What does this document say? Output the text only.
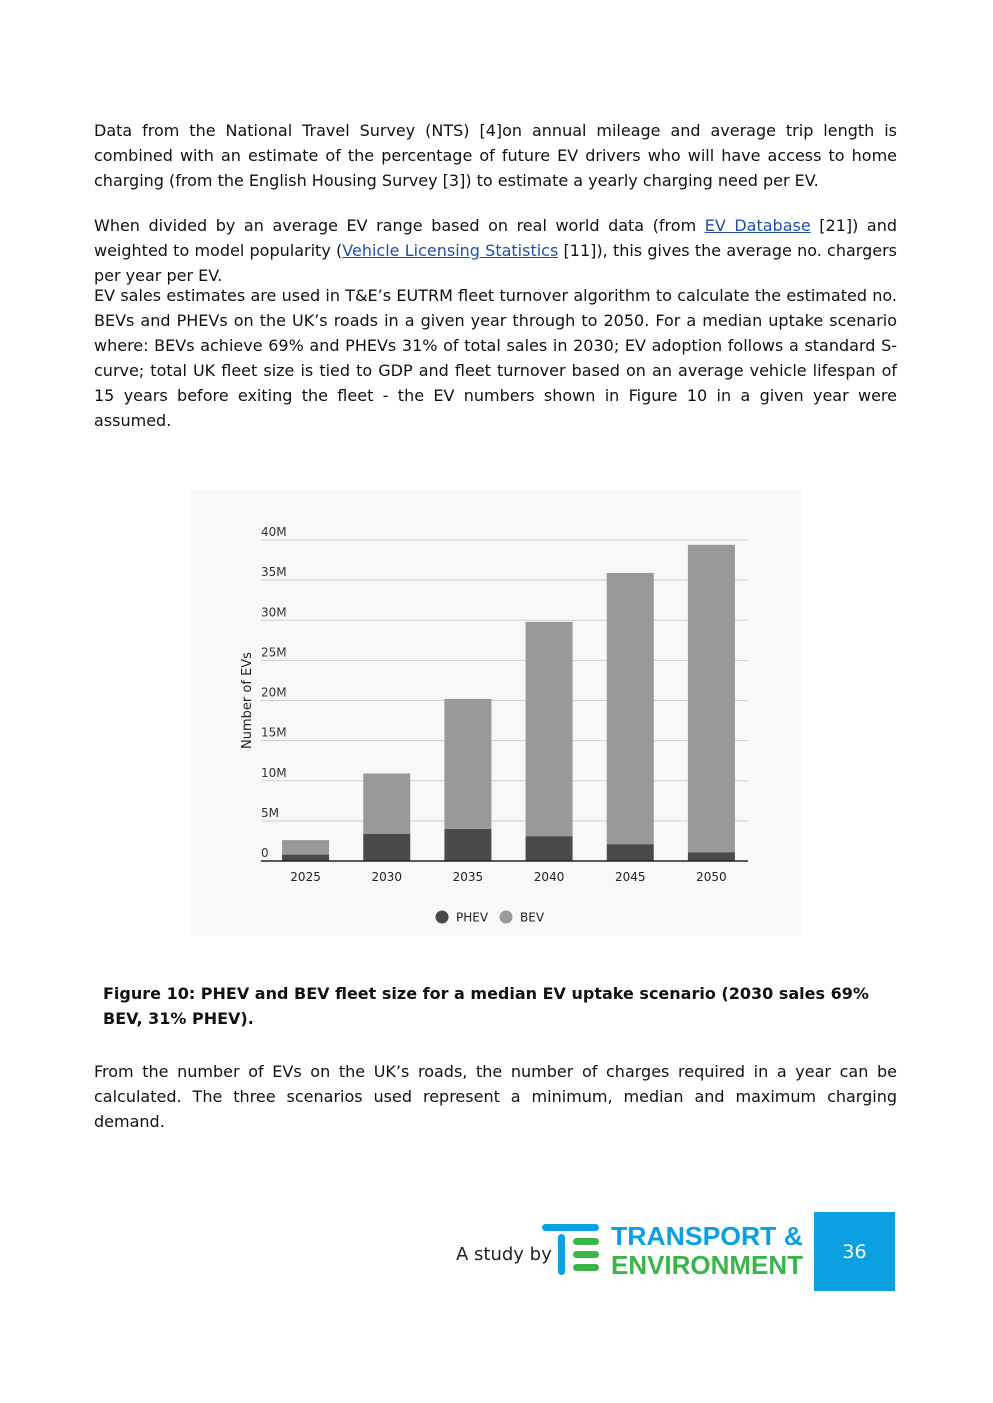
Data from the National Travel Survey (NTS) [4]on annual mileage and average trip length is combined with an estimate of the percentage of future EV drivers who will have access to home charging (from the English Housing Survey [3]) to estimate a yearly charging need per EV.

When divided by an average EV range based on real world data (from EV Database [21]) and weighted to model popularity (Vehicle Licensing Statistics [11]), this gives the average no. chargers per year per EV.

EV sales estimates are used in T&E’s EUTRM fleet turnover algorithm to calculate the estimated no. BEVs and PHEVs on the UK’s roads in a given year through to 2050. For a median uptake scenario where: BEVs achieve 69% and PHEVs 31% of total sales in 2030; EV adoption follows a standard S-curve; total UK fleet size is tied to GDP and fleet turnover based on an average vehicle lifespan of 15 years before exiting the fleet - the EV numbers shown in Figure 10 in a given year were assumed.

0
5M
10M
15M
20M
25M
30M
35M
40M
2025	2030	2035	2040	2045	2050
Number of EVs
PHEV	BEV

Figure 10: PHEV and BEV fleet size for a median EV uptake scenario (2030 sales 69% BEV, 31% PHEV).

From the number of EVs on the UK’s roads, the number of charges required in a year can be calculated. The three scenarios used represent a minimum, median and maximum charging demand.

A study by
TRANSPORT &
ENVIRONMENT 36
